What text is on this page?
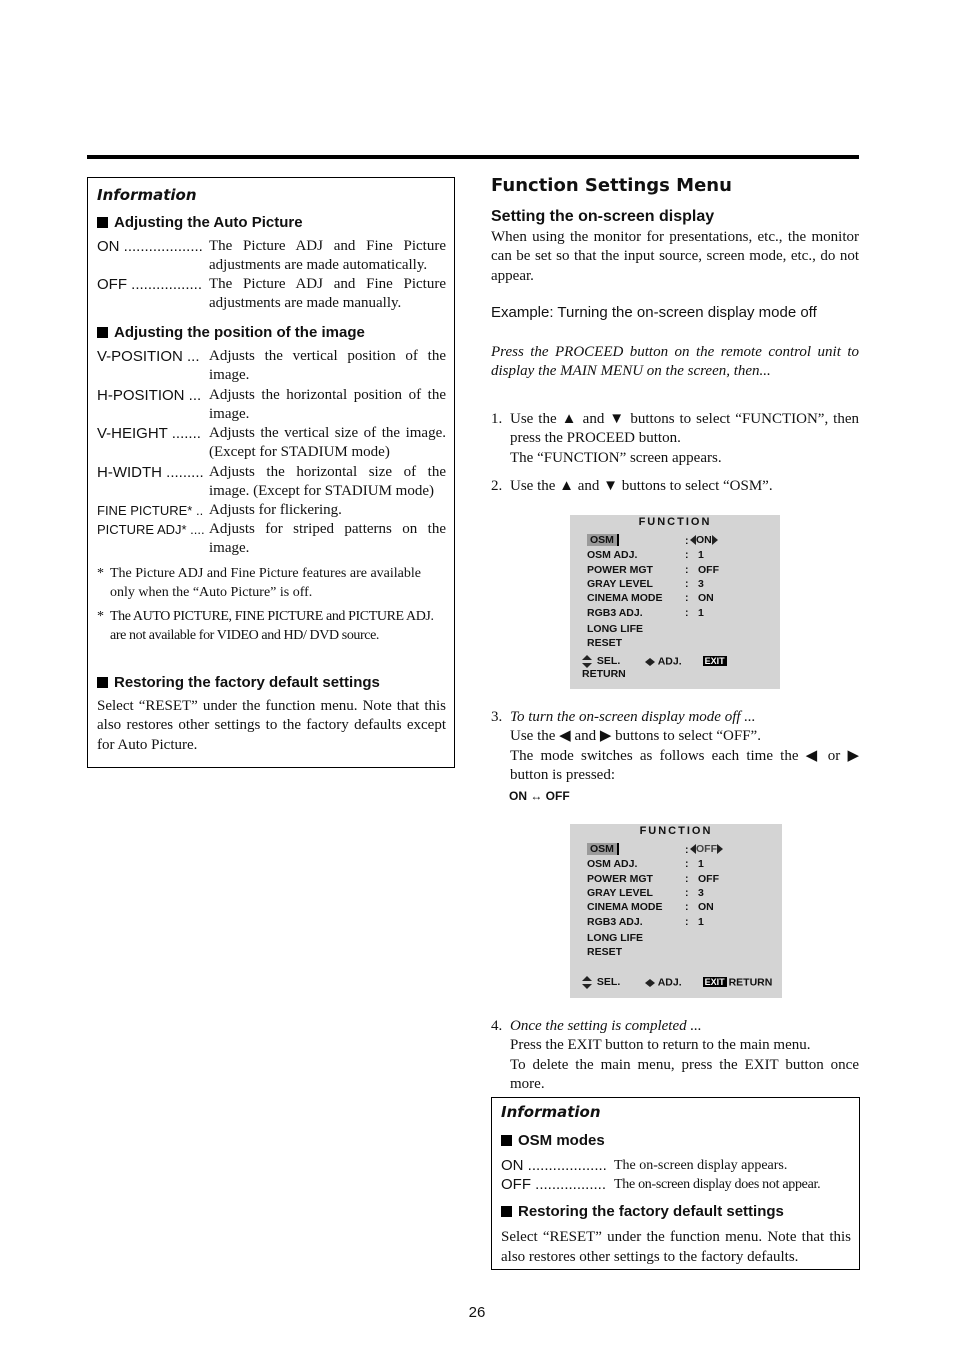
Information
Adjusting the Auto Picture
ON ................... The Picture ADJ and Fine Picture adjustments are made automatically.
OFF ................. The Picture ADJ and Fine Picture adjustments are made manually.
Adjusting the position of the image
V-POSITION ... Adjusts the vertical position of the image.
H-POSITION ... Adjusts the horizontal position of the image.
V-HEIGHT ....... Adjusts the vertical size of the image. (Except for STADIUM mode)
H-WIDTH ......... Adjusts the horizontal size of the image. (Except for STADIUM mode)
FINE PICTURE* .. Adjusts for flickering.
PICTURE ADJ* .... Adjusts for striped patterns on the image.
* The Picture ADJ and Fine Picture features are available only when the “Auto Picture” is off.
* The AUTO PICTURE, FINE PICTURE and PICTURE ADJ. are not available for VIDEO and HD/ DVD source.
Restoring the factory default settings
Select “RESET” under the function menu. Note that this also restores other settings to the factory defaults except for Auto Picture.
Function Settings Menu
Setting the on-screen display
When using the monitor for presentations, etc., the monitor can be set so that the input source, screen mode, etc., do not appear.
Example: Turning the on-screen display mode off
Press the PROCEED button on the remote control unit to display the MAIN MENU on the screen, then...
1. Use the ▲ and ▼ buttons to select “FUNCTION”, then press the PROCEED button.
The “FUNCTION” screen appears.
2. Use the ▲ and ▼ buttons to select “OSM”.
FUNCTION
OSM	: ON
OSM ADJ.	: 1
POWER MGT	: OFF
GRAY LEVEL	: 3
CINEMA MODE : ON
RGB3 ADJ.	: 1
LONG LIFE
RESET
SEL.	ADJ.	EXITRETURN
3. To turn the on-screen display mode off ...
Use the ◀ and ▶ buttons to select “OFF”.
The mode switches as follows each time the ◀ or ▶ button is pressed:
ON ↔ OFF
FUNCTION
OSM	: OFF
OSM ADJ.	: 1
POWER MGT	: OFF
GRAY LEVEL	: 3
CINEMA MODE : ON
RGB3 ADJ.	: 1
LONG LIFE
RESET
SEL.	ADJ.	EXIT RETURN
4. Once the setting is completed ...
Press the EXIT button to return to the main menu.
To delete the main menu, press the EXIT button once more.
Information
OSM modes
ON ................... The on-screen display appears.
OFF ................. The on-screen display does not appear.
Restoring the factory default settings
Select “RESET” under the function menu. Note that this also restores other settings to the factory defaults.
26
